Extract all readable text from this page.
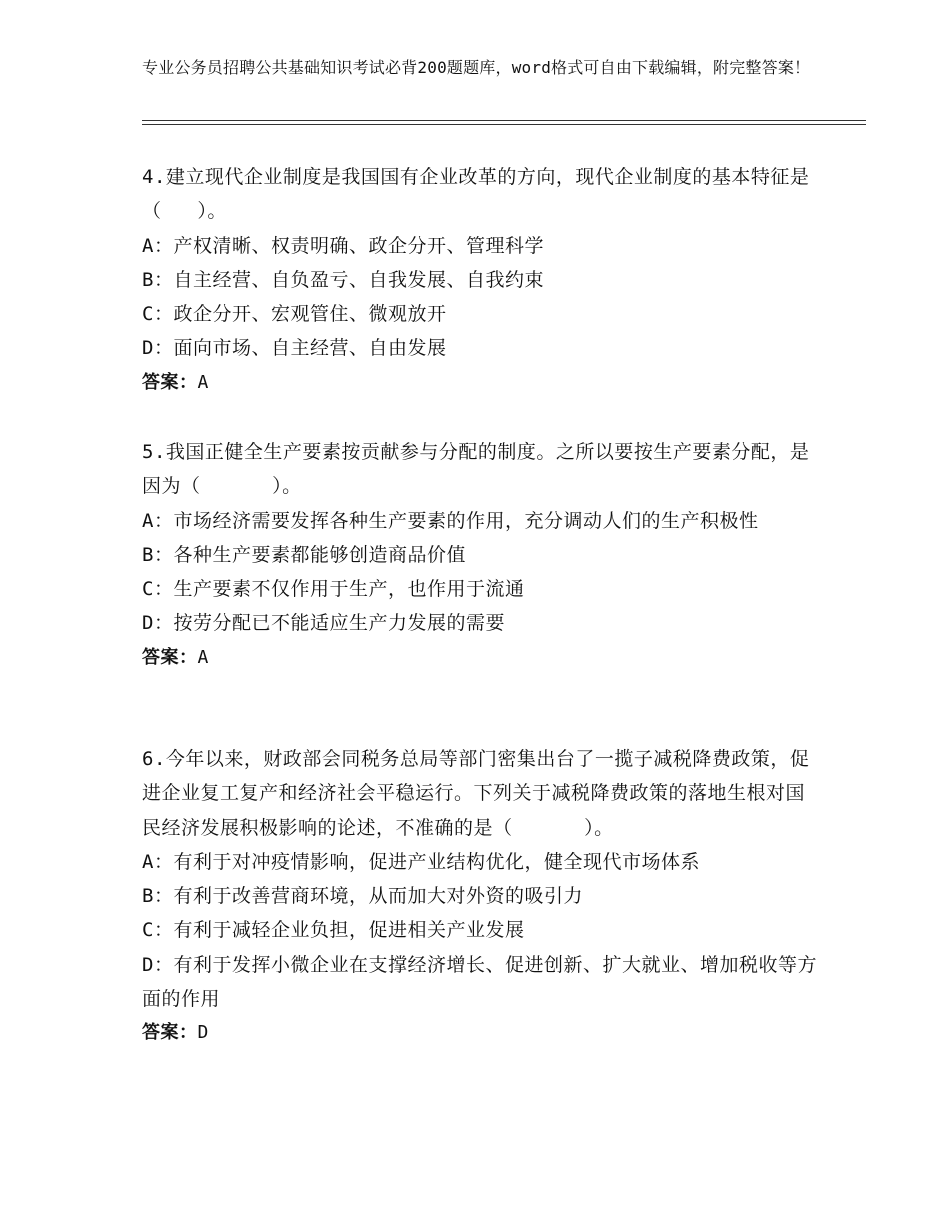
专业公务员招聘公共基础知识考试必背200题题库，word格式可自由下载编辑，附完整答案！

4.建立现代企业制度是我国国有企业改革的方向，现代企业制度的基本特征是（   ）。

A：产权清晰、权责明确、政企分开、管理科学

B：自主经营、自负盈亏、自我发展、自我约束

C：政企分开、宏观管住、微观放开

D：面向市场、自主经营、自由发展

答案：A

5.我国正健全生产要素按贡献参与分配的制度。之所以要按生产要素分配，是因为（      ）。

A：市场经济需要发挥各种生产要素的作用，充分调动人们的生产积极性

B：各种生产要素都能够创造商品价值

C：生产要素不仅作用于生产，也作用于流通

D：按劳分配已不能适应生产力发展的需要

答案：A

6.今年以来，财政部会同税务总局等部门密集出台了一揽子减税降费政策，促进企业复工复产和经济社会平稳运行。下列关于减税降费政策的落地生根对国民经济发展积极影响的论述，不准确的是（      ）。

A：有利于对冲疫情影响，促进产业结构优化，健全现代市场体系

B：有利于改善营商环境，从而加大对外资的吸引力

C：有利于减轻企业负担，促进相关产业发展

D：有利于发挥小微企业在支撑经济增长、促进创新、扩大就业、增加税收等方面的作用

答案：D
